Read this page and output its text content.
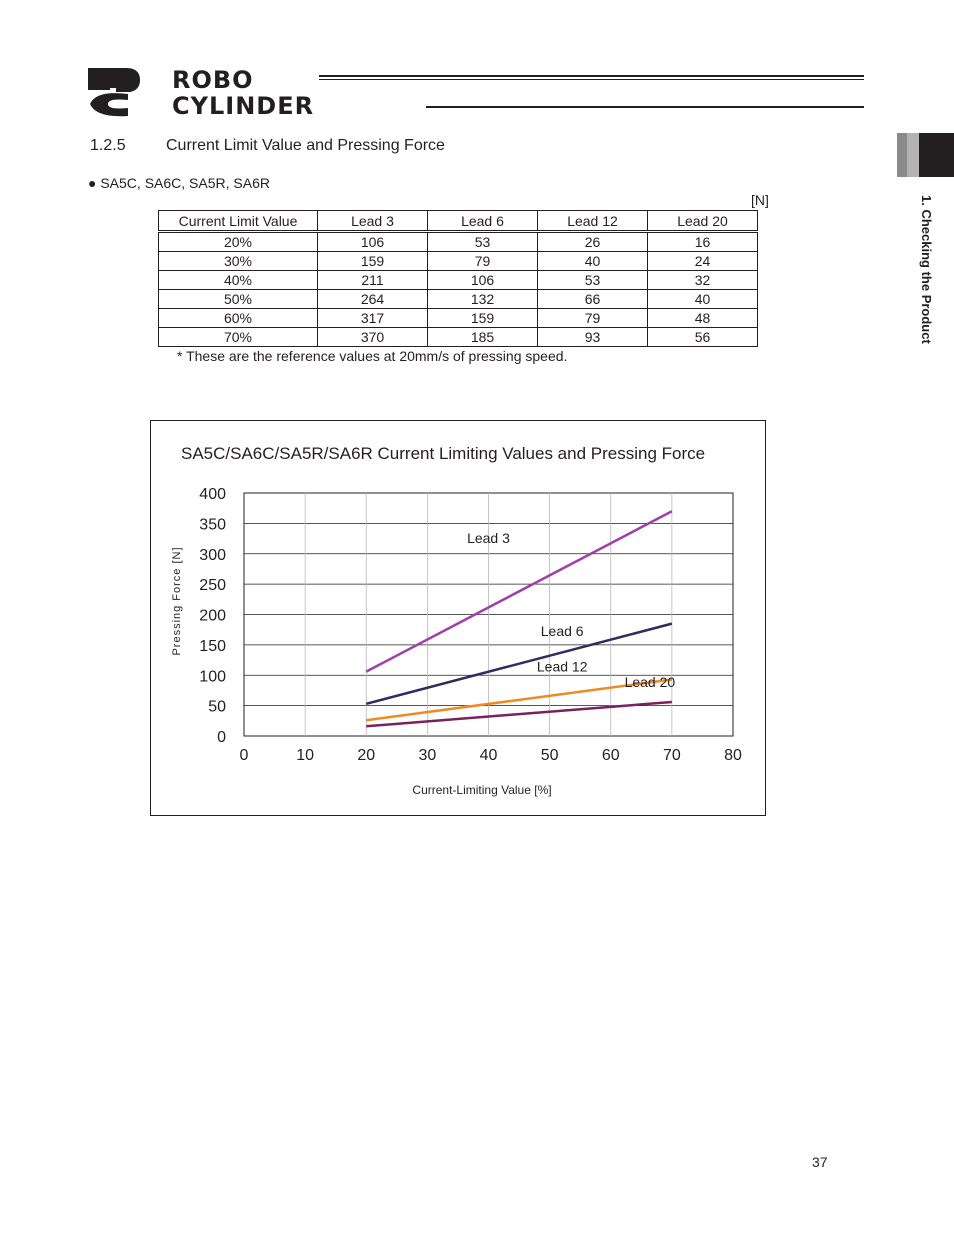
ROBO
CYLINDER
1. Checking the Product
1.2.5	Current Limit Value and Pressing Force
● SA5C, SA6C, SA5R, SA6R
[N]
Current Limit Value	Lead 3	Lead 6	Lead 12	Lead 20
20%	106	53	26	16
30%	159	79	40	24
40%	211	106	53	32
50%	264	132	66	40
60%	317	159	79	48
70%	370	185	93	56
* These are the reference values at 20mm/s of pressing speed.
SA5C/SA6C/SA5R/SA6R Current Limiting Values and Pressing Force
0
50
100
150
200
250
300
350
400
0	10	20	30	40	50	60	70	80
Lead 3
Lead 6
Lead 12
Lead 20
Current-Limiting Value [%]
Pressing Force [N]
37
